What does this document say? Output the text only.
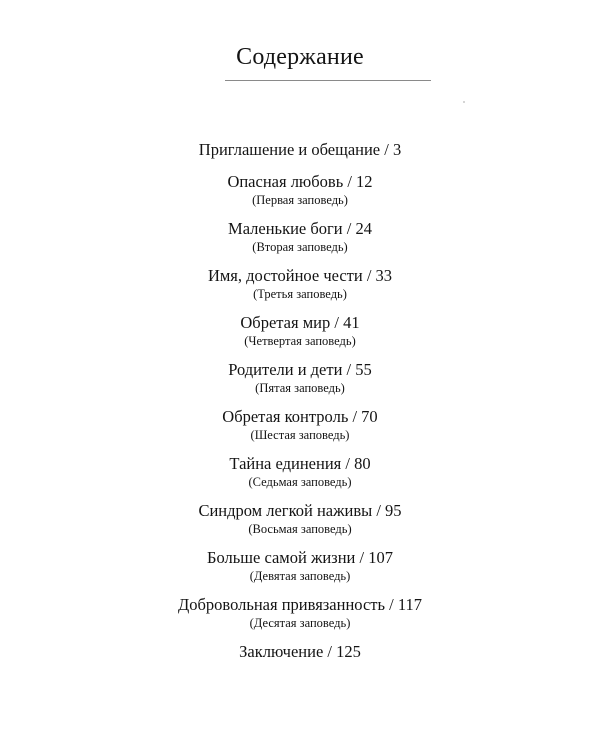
Содержание
Приглашение и обещание / 3
Опасная любовь / 12
(Первая заповедь)
Маленькие боги / 24
(Вторая заповедь)
Имя, достойное чести / 33
(Третья заповедь)
Обретая мир / 41
(Четвертая заповедь)
Родители и дети / 55
(Пятая заповедь)
Обретая контроль / 70
(Шестая заповедь)
Тайна единения / 80
(Седьмая заповедь)
Синдром легкой наживы / 95
(Восьмая заповедь)
Больше самой жизни / 107
(Девятая заповедь)
Добровольная привязанность / 117
(Десятая заповедь)
Заключение / 125
